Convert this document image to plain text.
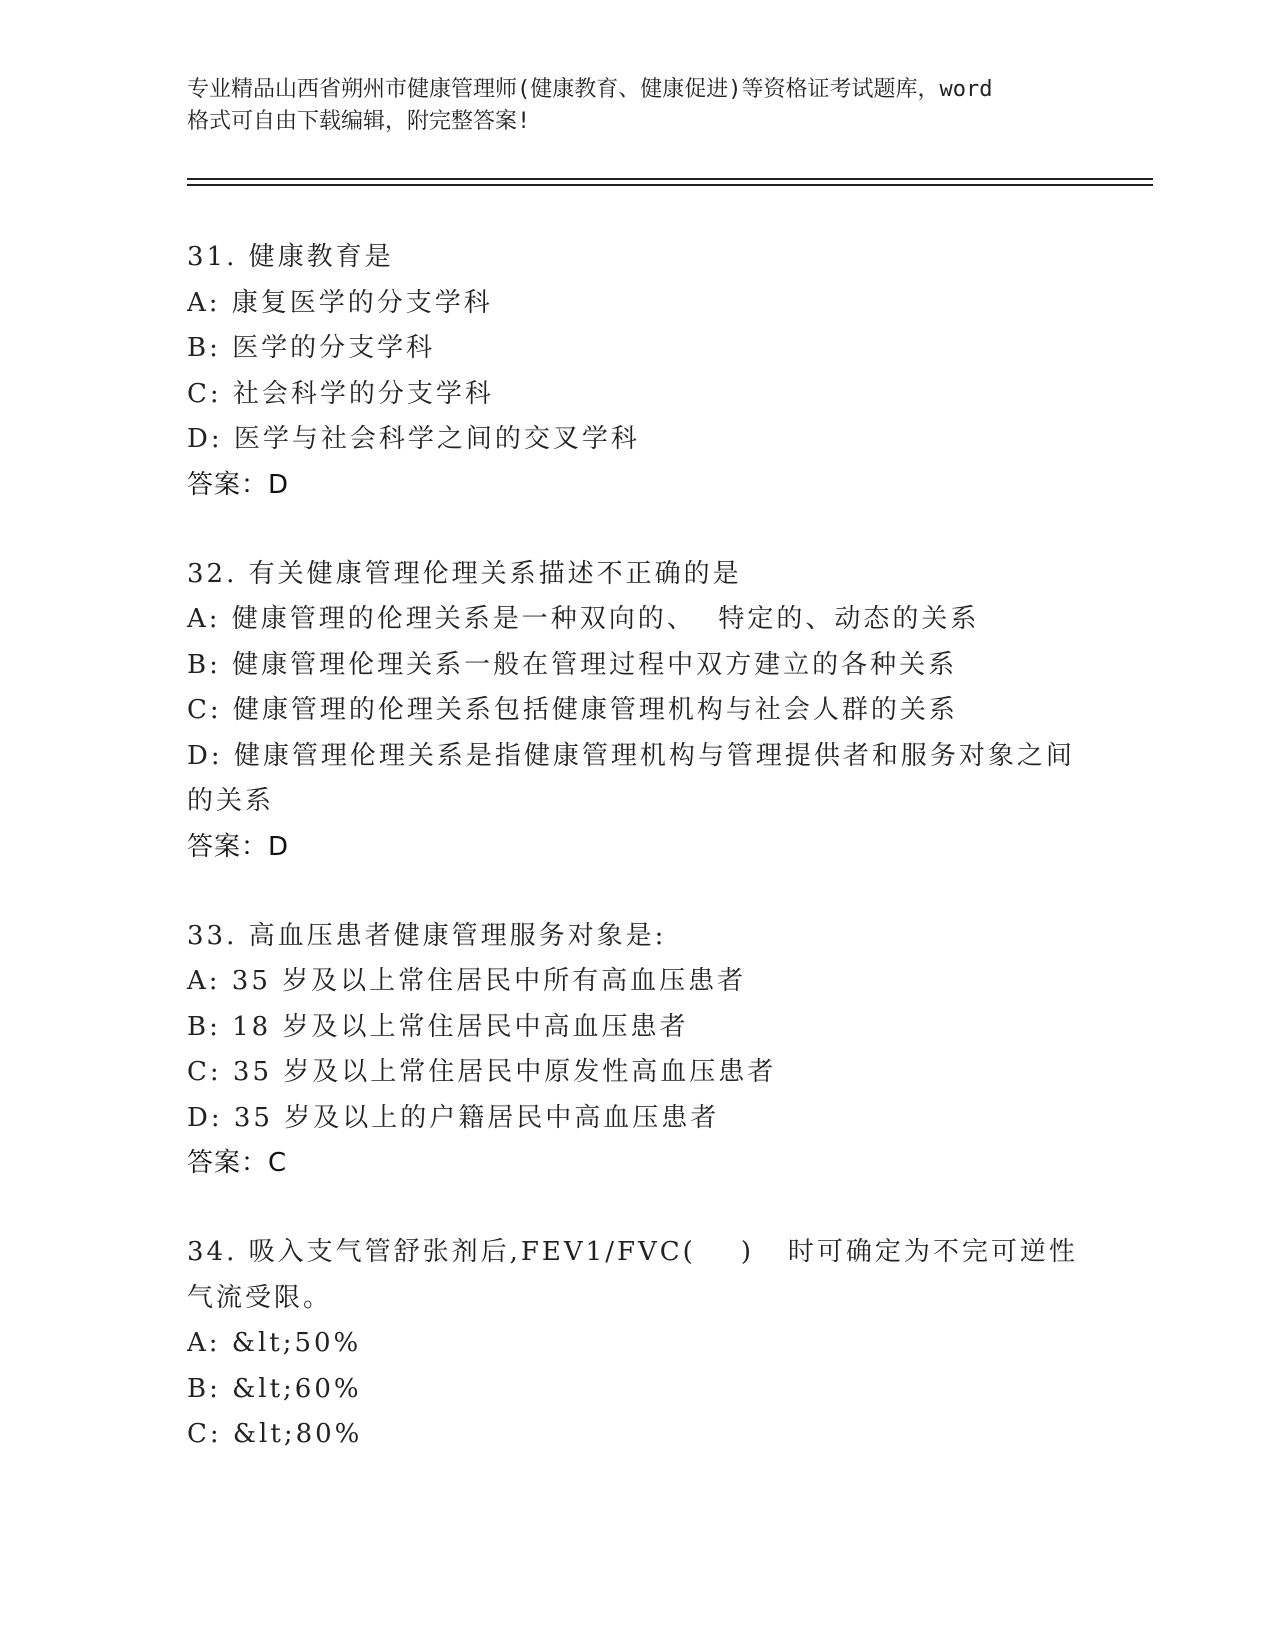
专业精品山西省朔州市健康管理师(健康教育、健康促进)等资格证考试题库，word
格式可自由下载编辑，附完整答案!
31. 健康教育是
A: 康复医学的分支学科
B: 医学的分支学科
C: 社会科学的分支学科
D: 医学与社会科学之间的交叉学科
答案：D
32. 有关健康管理伦理关系描述不正确的是
A: 健康管理的伦理关系是一种双向的、  特定的、动态的关系
B: 健康管理伦理关系一般在管理过程中双方建立的各种关系
C: 健康管理的伦理关系包括健康管理机构与社会人群的关系
D: 健康管理伦理关系是指健康管理机构与管理提供者和服务对象之间的关系
答案：D
33. 高血压患者健康管理服务对象是:
A: 35 岁及以上常住居民中所有高血压患者
B: 18 岁及以上常住居民中高血压患者
C: 35 岁及以上常住居民中原发性高血压患者
D: 35 岁及以上的户籍居民中高血压患者
答案：C
34. 吸入支气管舒张剂后,FEV1/FVC(    )   时可确定为不完可逆性气流受限。
A: &lt;50%
B: &lt;60%
C: &lt;80%
